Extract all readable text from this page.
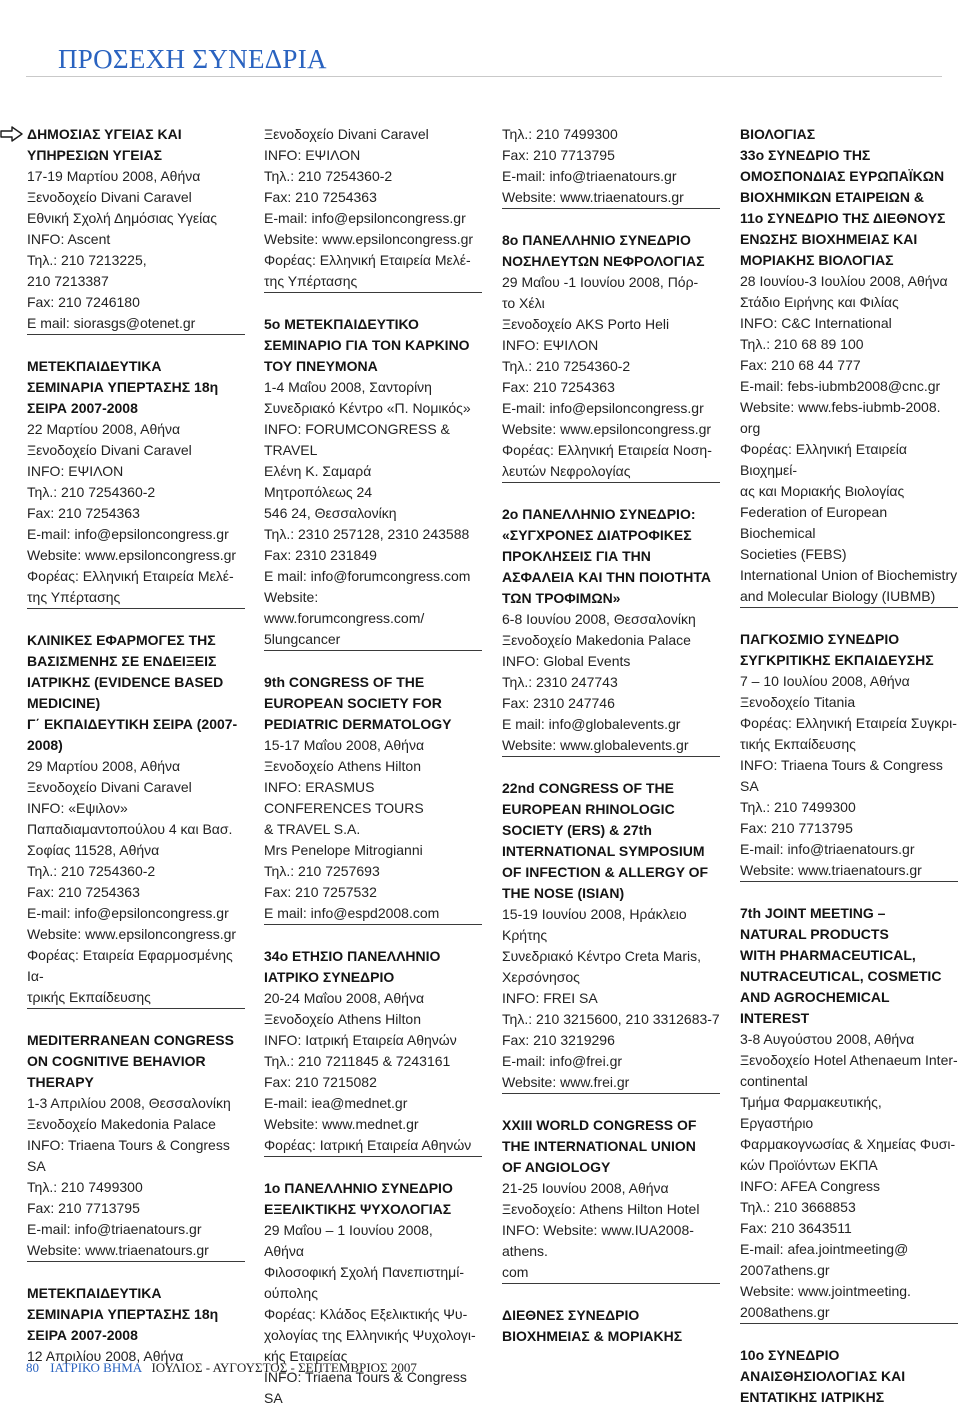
ΠΡΟΣΕΧΗ ΣΥΝΕΔΡΙΑ
ΔΗΜΟΣΙΑΣ ΥΓΕΙΑΣ ΚΑΙ
ΥΠΗΡΕΣΙΩΝ ΥΓΕΙΑΣ
17-19 Μαρτίου 2008, Αθήνα
Ξενοδοχείο Divani Caravel
Εθνική Σχολή Δημόσιας Υγείας
INFO: Ascent
Τηλ.: 210 7213225,
210 7213387
Fax: 210 7246180
E mail: siorasgs@otenet.gr
ΜΕΤΕΚΠΑΙΔΕΥΤΙΚΑ
ΣΕΜΙΝΑΡΙΑ ΥΠΕΡΤΑΣΗΣ 18η
ΣΕΙΡΑ 2007-2008
22 Μαρτίου 2008, Αθήνα
Ξενοδοχείο Divani Caravel
INFO: ΕΨΙΛΟΝ
Τηλ.: 210 7254360-2
Fax: 210 7254363
E-mail: info@epsiloncongress.gr
Website: www.epsiloncongress.gr
Φορέας: Ελληνική Εταιρεία Μελέ-
της Υπέρτασης
ΚΛΙΝΙΚΕΣ ΕΦΑΡΜΟΓΕΣ ΤΗΣ
ΒΑΣΙΣΜΕΝΗΣ ΣΕ ΕΝΔΕΙΞΕΙΣ
ΙΑΤΡΙΚΗΣ (EVIDENCE BASED
MEDICINE)
Γ΄ ΕΚΠΑΙΔΕΥΤΙΚΗ ΣΕΙΡΑ (2007-
2008)
29 Μαρτίου 2008, Αθήνα
Ξενοδοχείο Divani Caravel
INFO: «Εψιλον»
Παπαδιαμαντοπούλου 4 και Βασ.
Σοφίας 11528, Αθήνα
Τηλ.: 210 7254360-2
Fax: 210 7254363
E-mail: info@epsiloncongress.gr
Website: www.epsiloncongress.gr
Φορέας: Εταιρεία Εφαρμοσμένης Ια-
τρικής Εκπαίδευσης
MEDITERRANEAN CONGRESS
ON COGNITIVE BEHAVIOR
THERAPY
1-3 Απριλίου 2008, Θεσσαλονίκη
Ξενοδοχείο Makedonia Palace
INFO: Triaena Tours & Congress SA
Τηλ.: 210 7499300
Fax: 210 7713795
E-mail: info@triaenatours.gr
Website: www.triaenatours.gr
ΜΕΤΕΚΠΑΙΔΕΥΤΙΚΑ
ΣΕΜΙΝΑΡΙΑ ΥΠΕΡΤΑΣΗΣ 18η
ΣΕΙΡΑ 2007-2008
12 Απριλίου 2008, Αθήνα
Ξενοδοχείο Divani Caravel
INFO: ΕΨΙΛΟΝ
Τηλ.: 210 7254360-2
Fax: 210 7254363
E-mail: info@epsiloncongress.gr
Website: www.epsiloncongress.gr
Φορέας: Ελληνική Εταιρεία Μελέ-
της Υπέρτασης
5ο ΜΕΤΕΚΠΑΙΔΕΥΤΙΚΟ
ΣΕΜΙΝΑΡΙΟ ΓΙΑ ΤΟΝ ΚΑΡΚΙΝΟ
ΤΟΥ ΠΝΕΥΜΟΝΑ
1-4 Μαΐου 2008, Σαντορίνη
Συνεδριακό Κέντρο «Π. Νομικός»
INFO: FORUMCONGRESS & TRAVEL
Ελένη Κ. Σαμαρά
Μητροπόλεως 24
546 24, Θεσσαλονίκη
Τηλ.: 2310 257128, 2310 243588
Fax: 2310 231849
E mail: info@forumcongress.com
Website: www.forumcongress.com/
5lungcancer
9th CONGRESS OF THE
EUROPEAN SOCIETY FOR
PEDIATRIC DERMATOLOGY
15-17 Μαΐου 2008, Αθήνα
Ξενοδοχείο Athens Hilton
INFO: ERASMUS CONFERENCES TOURS
& TRAVEL S.A.
Mrs Penelope Mitrogianni
Τηλ.: 210 7257693
Fax: 210 7257532
E mail: info@espd2008.com
34ο ΕΤΗΣΙΟ ΠΑΝΕΛΛΗΝΙΟ
ΙΑΤΡΙΚΟ ΣΥΝΕΔΡΙΟ
20-24 Μαΐου 2008, Αθήνα
Ξενοδοχείο Athens Hilton
INFO: Ιατρική Εταιρεία Αθηνών
Τηλ.: 210 7211845 & 7243161
Fax: 210 7215082
E-mail: iea@mednet.gr
Website: www.mednet.gr
Φορέας: Ιατρική Εταιρεία Αθηνών
1ο ΠΑΝΕΛΛΗΝΙΟ ΣΥΝΕΔΡΙΟ
ΕΞΕΛΙΚΤΙΚΗΣ ΨΥΧΟΛΟΓΙΑΣ
29 Μαΐου – 1 Ιουνίου 2008,
Αθήνα
Φιλοσοφική Σχολή Πανεπιστημί-
ούπολης
Φορέας: Κλάδος Εξελικτικής Ψυ-
χολογίας της Ελληνικής Ψυχολογι-
κής Εταιρείας
INFO: Triaena Tours & Congress SA
Τηλ.: 210 7499300
Fax: 210 7713795
E-mail: info@triaenatours.gr
Website: www.triaenatours.gr
8ο ΠΑΝΕΛΛΗΝΙΟ ΣΥΝΕΔΡΙΟ
ΝΟΣΗΛΕΥΤΩΝ ΝΕΦΡΟΛΟΓΙΑΣ
29 Μαΐου -1 Ιουνίου 2008, Πόρ-
το Χέλι
Ξενοδοχείο AKS Porto Heli
INFO: ΕΨΙΛΟΝ
Τηλ.: 210 7254360-2
Fax: 210 7254363
E-mail: info@epsiloncongress.gr
Website: www.epsiloncongress.gr
Φορέας: Ελληνική Εταιρεία Νοση-
λευτών Νεφρολογίας
2ο ΠΑΝΕΛΛΗΝΙΟ ΣΥΝΕΔΡΙΟ:
«ΣΥΓΧΡΟΝΕΣ ΔΙΑΤΡΟΦΙΚΕΣ
ΠΡΟΚΛΗΣΕΙΣ ΓΙΑ ΤΗΝ
ΑΣΦΑΛΕΙΑ ΚΑΙ ΤΗΝ ΠΟΙΟΤΗΤΑ
ΤΩΝ ΤΡΟΦΙΜΩΝ»
6-8 Ιουνίου 2008, Θεσσαλονίκη
Ξενοδοχείο Makedonia Palace
INFO: Global Events
Τηλ.: 2310 247743
Fax: 2310 247746
E mail: info@globalevents.gr
Website: www.globalevents.gr
22nd CONGRESS OF THE
EUROPEAN RHINOLOGIC
SOCIETY (ERS) & 27th
INTERNATIONAL SYMPOSIUM
OF INFECTION & ALLERGY OF
THE NOSE (ISIAN)
15-19 Ιουνίου 2008, Ηράκλειο
Κρήτης
Συνεδριακό Κέντρο Creta Maris,
Χερσόνησος
INFO: FREI SA
Τηλ.: 210 3215600, 210 3312683-7
Fax: 210 3219296
E-mail: info@frei.gr
Website: www.frei.gr
XXIII WORLD CONGRESS OF
THE INTERNATIONAL UNION
OF ANGIOLOGY
21-25 Ιουνίου 2008, Αθήνα
Ξενοδοχείο: Athens Hilton Hotel
INFO: Website: www.IUA2008-athens.
com
ΔΙΕΘΝΕΣ ΣΥΝΕΔΡΙΟ
ΒΙΟΧΗΜΕΙΑΣ & ΜΟΡΙΑΚΗΣ
ΒΙΟΛΟΓΙΑΣ
33ο ΣΥΝΕΔΡΙΟ ΤΗΣ
ΟΜΟΣΠΟΝΔΙΑΣ ΕΥΡΩΠΑΪΚΩΝ
ΒΙΟΧΗΜΙΚΩΝ ΕΤΑΙΡΕΙΩΝ &
11ο ΣΥΝΕΔΡΙΟ ΤΗΣ ΔΙΕΘΝΟΥΣ
ΕΝΩΣΗΣ ΒΙΟΧΗΜΕΙΑΣ ΚΑΙ
ΜΟΡΙΑΚΗΣ ΒΙΟΛΟΓΙΑΣ
28 Ιουνίου-3 Ιουλίου 2008, Αθήνα
Στάδιο Ειρήνης και Φιλίας
INFO: C&C International
Τηλ.: 210 68 89 100
Fax: 210 68 44 777
E-mail: febs-iubmb2008@cnc.gr
Website: www.febs-iubmb-2008.
org
Φορέας: Ελληνική Εταιρεία Βιοχημεί-
ας και Μοριακής Βιολογίας
Federation of European Biochemical
Societies (FEBS)
International Union of Biochemistry
and Molecular Biology (IUBMB)
ΠΑΓΚΟΣΜΙΟ ΣΥΝΕΔΡΙΟ
ΣΥΓΚΡΙΤΙΚΗΣ ΕΚΠΑΙΔΕΥΣΗΣ
7 – 10 Ιουλίου 2008, Αθήνα
Ξενοδοχείο Titania
Φορέας: Ελληνική Εταιρεία Συγκρι-
τικής Εκπαίδευσης
INFO: Triaena Tours & Congress SA
Τηλ.: 210 7499300
Fax: 210 7713795
E-mail: info@triaenatours.gr
Website: www.triaenatours.gr
7th JOINT MEETING –
NATURAL PRODUCTS
WITH PHARMACEUTICAL,
NUTRACEUTICAL, COSMETIC
AND AGROCHEMICAL
INTEREST
3-8 Αυγούστου 2008, Αθήνα
Ξενοδοχείο Hotel Athenaeum Inter-
continental
Τμήμα Φαρμακευτικής, Εργαστήριο
Φαρμακογνωσίας & Χημείας Φυσι-
κών Προϊόντων ΕΚΠΑ
INFO: AFEA Congress
Τηλ.: 210 3668853
Fax: 210 3643511
E-mail: afea.jointmeeting@
2007athens.gr
Website: www.jointmeeting.
2008athens.gr
10ο ΣΥΝΕΔΡΙΟ
ΑΝΑΙΣΘΗΣΙΟΛΟΓΙΑΣ ΚΑΙ
ΕΝΤΑΤΙΚΗΣ ΙΑΤΡΙΚΗΣ
80 ΙΑΤΡΙΚΟ ΒΗΜΑ ΙΟΥΛΙΟΣ - ΑΥΓΟΥΣΤΟΣ - ΣΕΠΤΕΜΒΡΙΟΣ 2007
